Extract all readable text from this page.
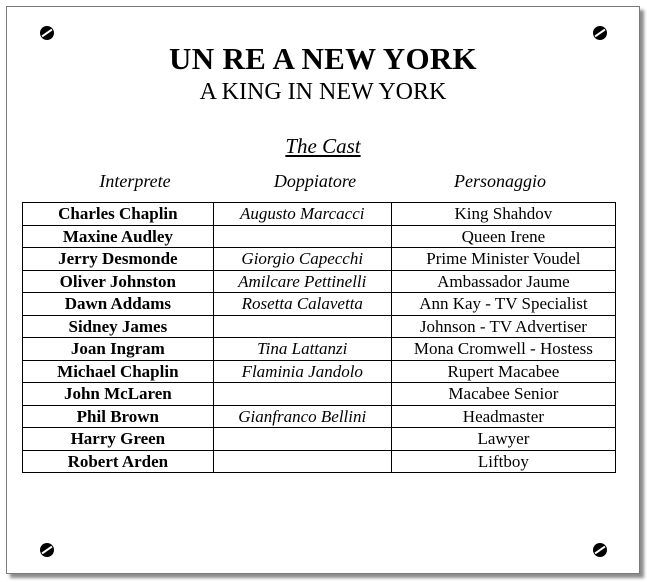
UN RE A NEW YORK
A KING IN NEW YORK
The Cast
Interprete	Doppiatore	Personaggio
Charles Chaplin	Augusto Marcacci	King Shahdov
Maxine Audley		Queen Irene
Jerry Desmonde	Giorgio Capecchi	Prime Minister Voudel
Oliver Johnston	Amilcare Pettinelli	Ambassador Jaume
Dawn Addams	Rosetta Calavetta	Ann Kay - TV Specialist
Sidney James		Johnson - TV Advertiser
Joan Ingram	Tina Lattanzi	Mona Cromwell - Hostess
Michael Chaplin	Flaminia Jandolo	Rupert Macabee
John McLaren		Macabee Senior
Phil Brown	Gianfranco Bellini	Headmaster
Harry Green		Lawyer
Robert Arden		Liftboy
